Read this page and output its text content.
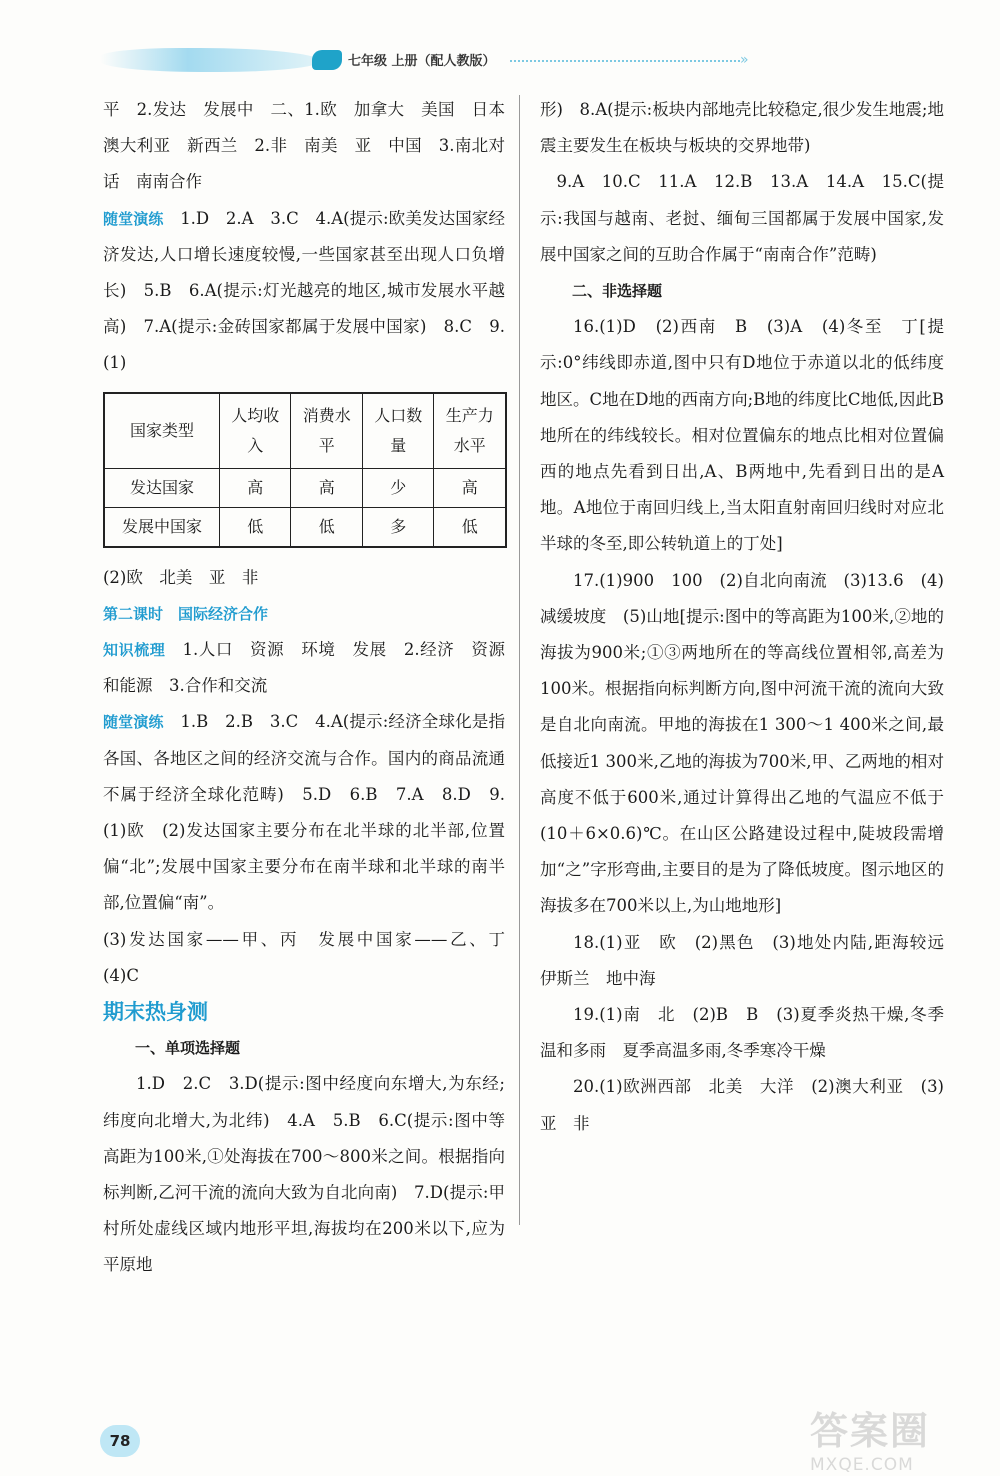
七年级 上册（配人教版）	»

平　2.发达　发展中　二、1.欧　加拿大　美国　日本　澳大利亚　新西兰　2.非　南美　亚　中国　3.南北对话　南南合作

随堂演练　 1.D　2.A　3.C　4.A(提示:欧美发达国家经济发达,人口增长速度较慢,一些国家甚至出现人口负增长)　5.B　6.A(提示:灯光越亮的地区,城市发展水平越高)　7.A(提示:金砖国家都属于发展中国家)　8.C　9.(1)

国家类型	人均收入	消费水平	人口数量	生产力水平
发达国家	高	高	少	高
发展中国家	低	低	多	低

(2)欧　北美　亚　非

第二课时　国际经济合作

知识梳理　 1.人口　资源　环境　发展　2.经济　资源和能源　3.合作和交流

随堂演练　 1.B　2.B　3.C　4.A(提示:经济全球化是指各国、各地区之间的经济交流与合作。国内的商品流通不属于经济全球化范畴)　5.D　6.B　7.A　8.D　9.(1)欧　(2)发达国家主要分布在北半球的北半部,位置偏“北”;发展中国家主要分布在南半球和北半球的南半部,位置偏“南”。

(3)发达国家——甲、丙　发展中国家——乙、丁　(4)C

期末热身测

一、单项选择题

1.D　2.C　3.D(提示:图中经度向东增大,为东经;纬度向北增大,为北纬)　4.A　5.B　6.C(提示:图中等高距为100米,①处海拔在700～800米之间。根据指向标判断,乙河干流的流向大致为自北向南)　7.D(提示:甲村所处虚线区域内地形平坦,海拔均在200米以下,应为平原地

形)　8.A(提示:板块内部地壳比较稳定,很少发生地震;地震主要发生在板块与板块的交界地带)

9.A　10.C　11.A　12.B　13.A　14.A　15.C(提示:我国与越南、老挝、缅甸三国都属于发展中国家,发展中国家之间的互助合作属于“南南合作”范畴)

二、非选择题

16.(1)D　(2)西南　B　(3)A　(4)冬至　丁[提示:0°纬线即赤道,图中只有D地位于赤道以北的低纬度地区。C地在D地的西南方向;B地的纬度比C地低,因此B地所在的纬线较长。相对位置偏东的地点比相对位置偏西的地点先看到日出,A、B两地中,先看到日出的是A地。A地位于南回归线上,当太阳直射南回归线时对应北半球的冬至,即公转轨道上的丁处]

17.(1)900　100　(2)自北向南流　(3)13.6　(4)减缓坡度　(5)山地[提示:图中的等高距为100米,②地的海拔为900米;①③两地所在的等高线位置相邻,高差为100米。根据指向标判断方向,图中河流干流的流向大致是自北向南流。甲地的海拔在1 300～1 400米之间,最低接近1 300米,乙地的海拔为700米,甲、乙两地的相对高度不低于600米,通过计算得出乙地的气温应不低于(10＋6×0.6)℃。在山区公路建设过程中,陡坡段需增加“之”字形弯曲,主要目的是为了降低坡度。图示地区的海拔多在700米以上,为山地地形]

18.(1)亚　欧　(2)黑色　(3)地处内陆,距海较远　伊斯兰　地中海

19.(1)南　北　(2)B　B　(3)夏季炎热干燥,冬季温和多雨　夏季高温多雨,冬季寒冷干燥

20.(1)欧洲西部　北美　大洋　(2)澳大利亚　(3)亚　非

78	答案圈
MXQE.COM
